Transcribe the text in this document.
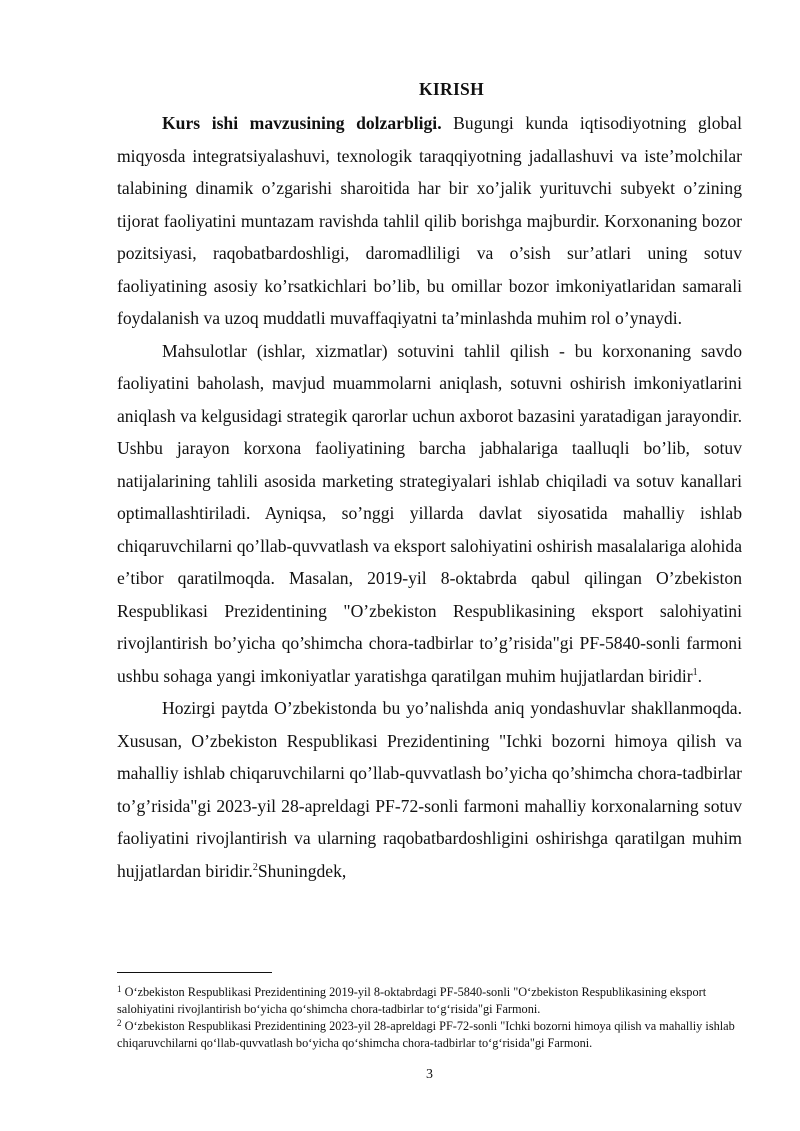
KIRISH

Kurs ishi mavzusining dolzarbligi. Bugungi kunda iqtisodiyotning global miqyosda integratsiyalashuvi, texnologik taraqqiyotning jadallashuvi va iste’molchilar talabining dinamik o’zgarishi sharoitida har bir xo’jalik yurituvchi subyekt o’zining tijorat faoliyatini muntazam ravishda tahlil qilib borishga majburdir. Korxonaning bozor pozitsiyasi, raqobatbardoshligi, daromadliligi va o’sish sur’atlari uning sotuv faoliyatining asosiy ko’rsatkichlari bo’lib, bu omillar bozor imkoniyatlaridan samarali foydalanish va uzoq muddatli muvaffaqiyatni ta’minlashda muhim rol o’ynaydi.

Mahsulotlar (ishlar, xizmatlar) sotuvini tahlil qilish - bu korxonaning savdo faoliyatini baholash, mavjud muammolarni aniqlash, sotuvni oshirish imkoniyatlarini aniqlash va kelgusidagi strategik qarorlar uchun axborot bazasini yaratadigan jarayondir. Ushbu jarayon korxona faoliyatining barcha jabhalariga taalluqli bo’lib, sotuv natijalarining tahlili asosida marketing strategiyalari ishlab chiqiladi va sotuv kanallari optimallashtiriladi. Ayniqsa, so’nggi yillarda davlat siyosatida mahalliy ishlab chiqaruvchilarni qo’llab-quvvatlash va eksport salohiyatini oshirish masalalariga alohida e’tibor qaratilmoqda. Masalan, 2019-yil 8-oktabrda qabul qilingan O’zbekiston Respublikasi Prezidentining "O’zbekiston Respublikasining eksport salohiyatini rivojlantirish bo’yicha qo’shimcha chora-tadbirlar to’g’risida"gi PF-5840-sonli farmoni ushbu sohaga yangi imkoniyatlar yaratishga qaratilgan muhim hujjatlardan biridir$^1$.

Hozirgi paytda O’zbekistonda bu yo’nalishda aniq yondashuvlar shakllanmoqda. Xususan, O’zbekiston Respublikasi Prezidentining "Ichki bozorni himoya qilish va mahalliy ishlab chiqaruvchilarni qo’llab-quvvatlash bo’yicha qo’shimcha chora-tadbirlar to’g’risida"gi 2023-yil 28-apreldagi PF-72-sonli farmoni mahalliy korxonalarning sotuv faoliyatini rivojlantirish va ularning raqobatbardoshligini oshirishga qaratilgan muhim hujjatlardan biridir.$^2$Shuningdek,

$^1$ O‘zbekiston Respublikasi Prezidentining 2019-yil 8-oktabrdagi PF-5840-sonli "O‘zbekiston Respublikasining eksport salohiyatini rivojlantirish bo‘yicha qo‘shimcha chora-tadbirlar to‘g‘risida"gi Farmoni.

$^2$ O‘zbekiston Respublikasi Prezidentining 2023-yil 28-apreldagi PF-72-sonli "Ichki bozorni himoya qilish va mahalliy ishlab chiqaruvchilarni qo‘llab-quvvatlash bo‘yicha qo‘shimcha chora-tadbirlar to‘g‘risida"gi Farmoni.

3
